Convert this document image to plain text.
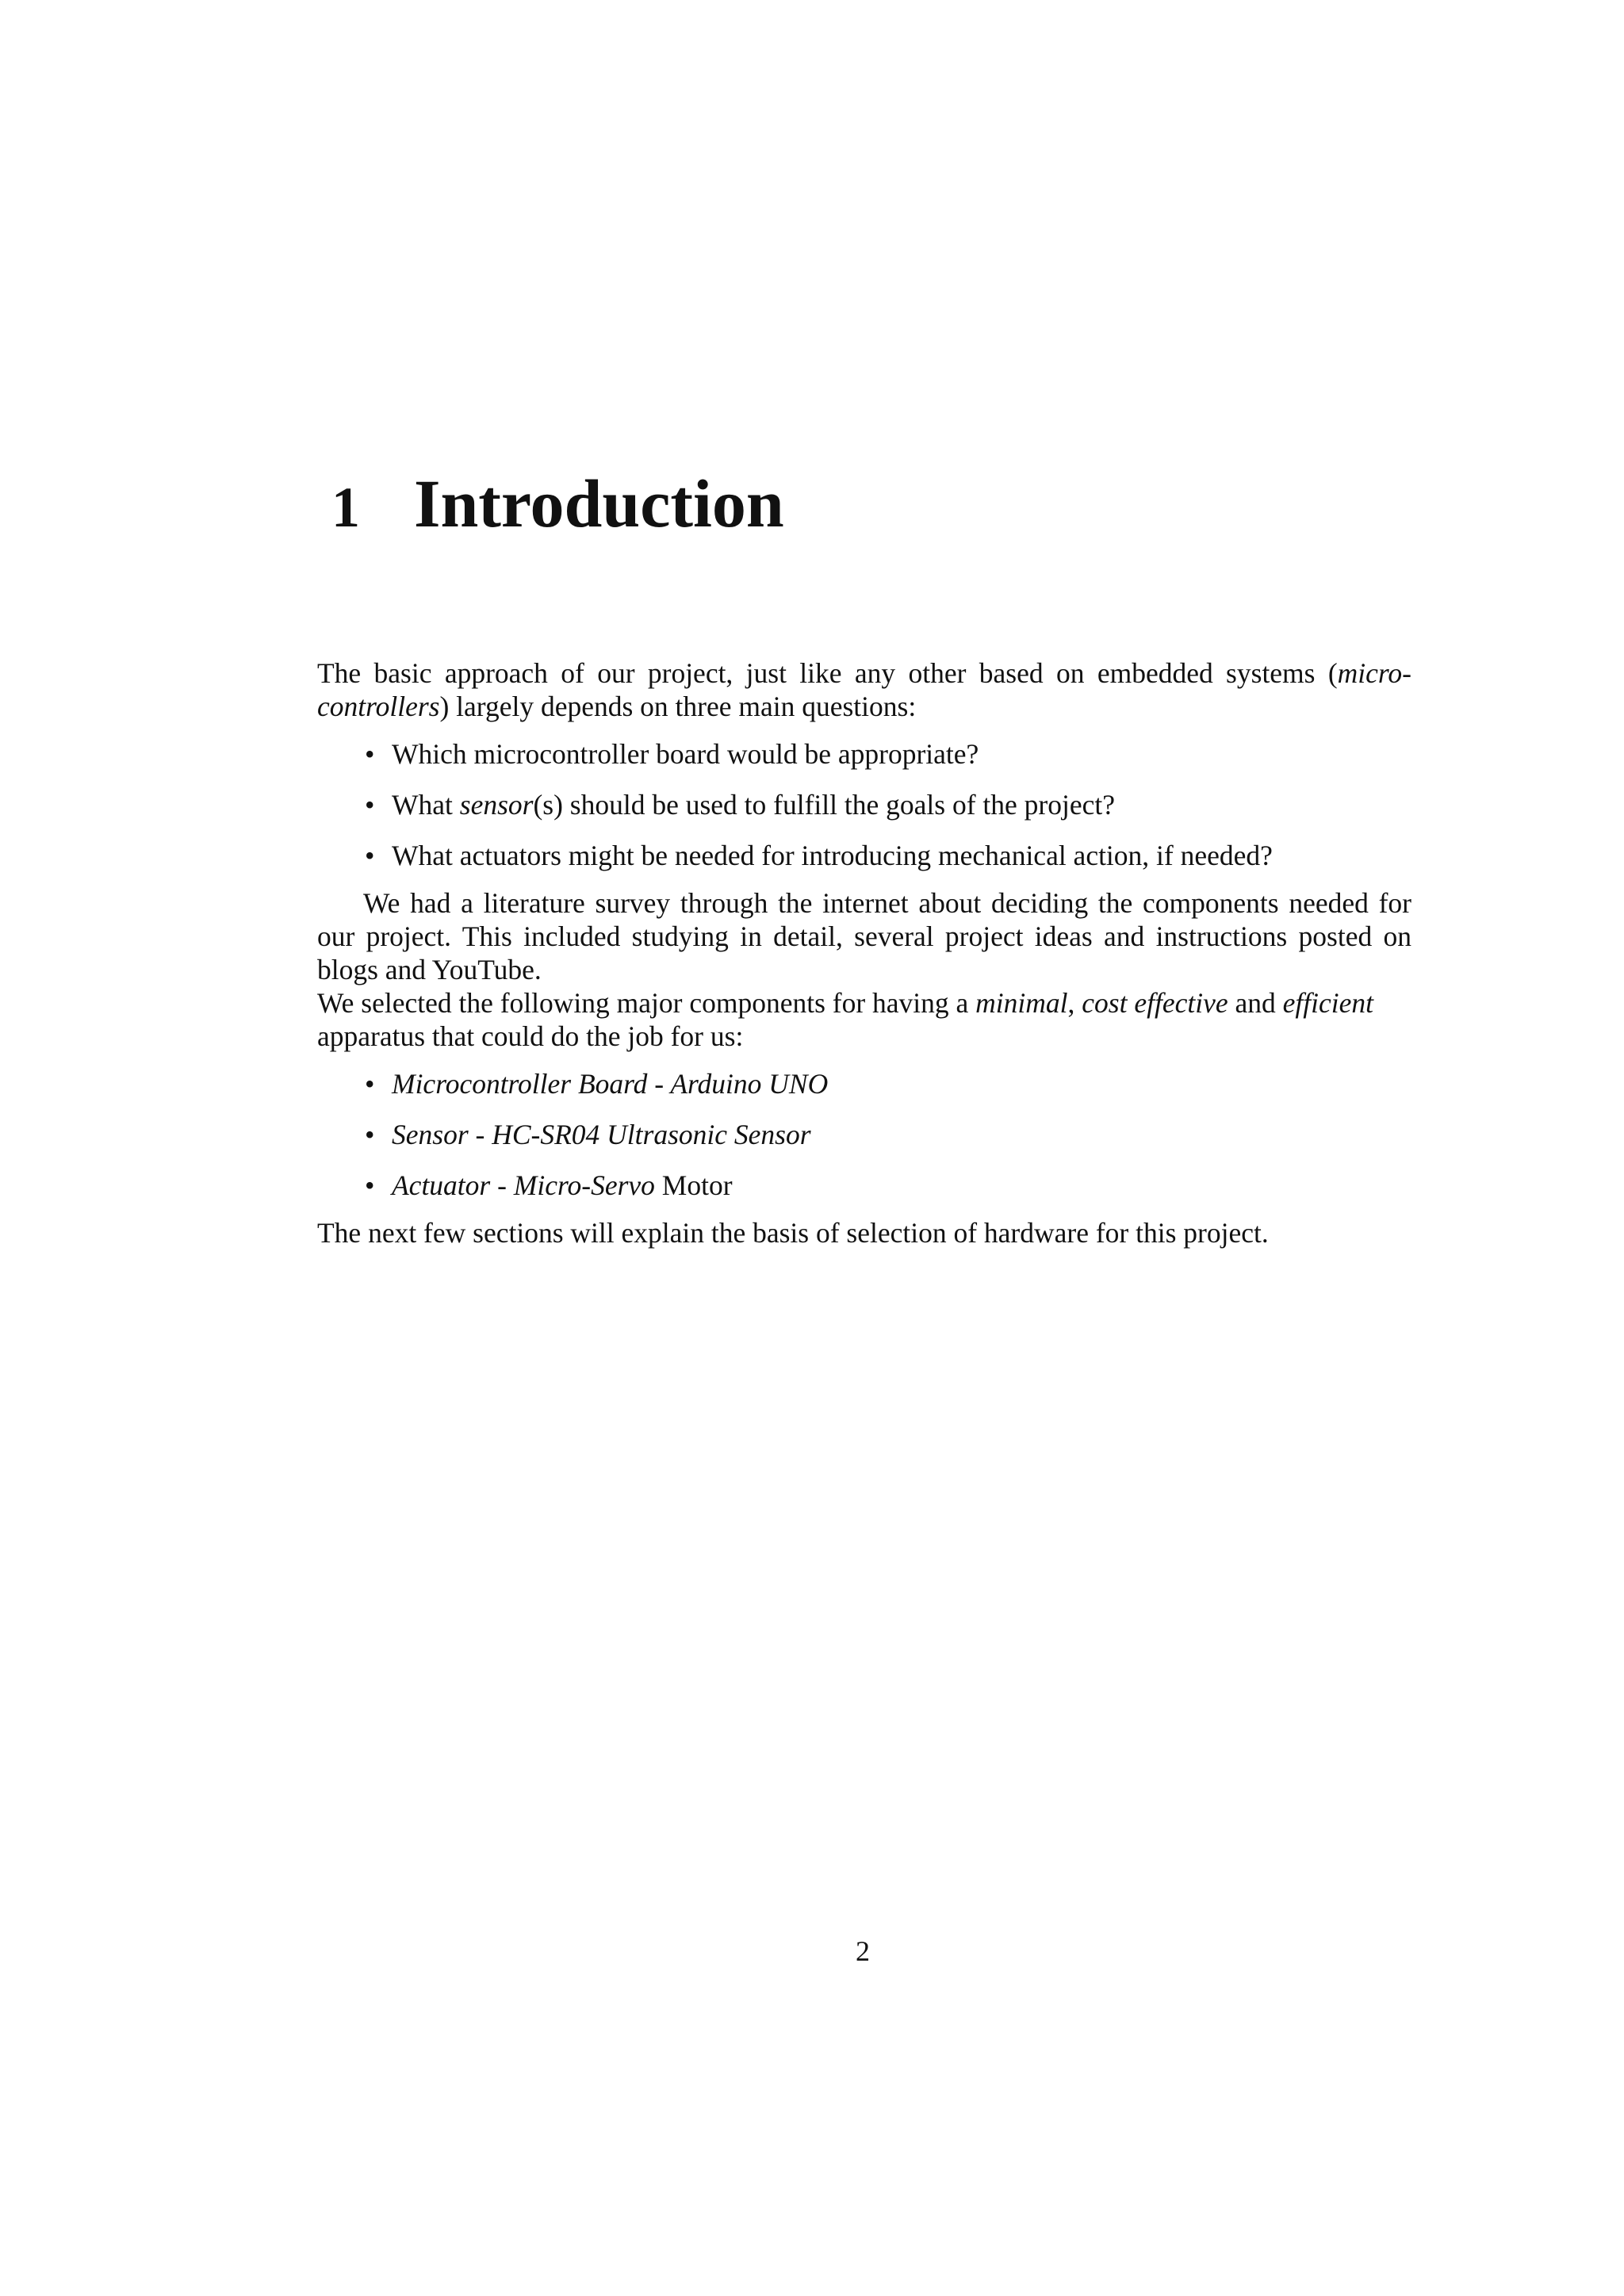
1 Introduction

The basic approach of our project, just like any other based on embedded systems (micro-controllers) largely depends on three main questions:

• Which microcontroller board would be appropriate?
• What sensor(s) should be used to fulfill the goals of the project?
• What actuators might be needed for introducing mechanical action, if needed?

We had a literature survey through the internet about deciding the components needed for our project. This included studying in detail, several project ideas and instructions posted on blogs and YouTube.

We selected the following major components for having a minimal, cost effective and efficient apparatus that could do the job for us:

• Microcontroller Board - Arduino UNO
• Sensor - HC-SR04 Ultrasonic Sensor
• Actuator - Micro-Servo Motor

The next few sections will explain the basis of selection of hardware for this project.

2
